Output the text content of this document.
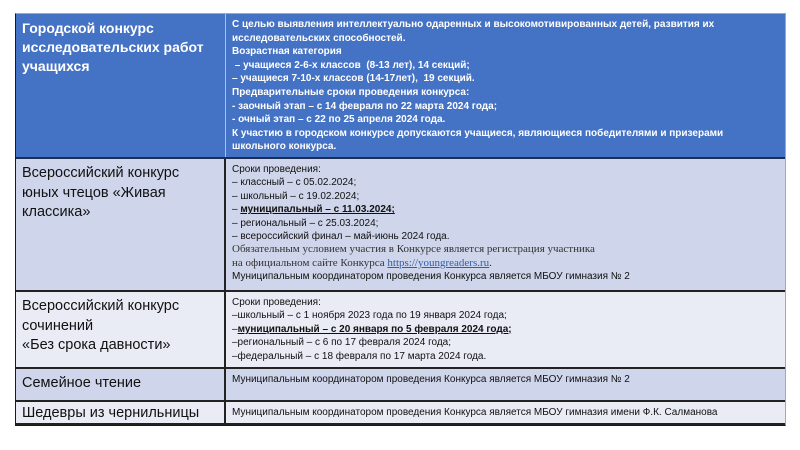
Городской конкурс исследовательских работ учащихся
С целью выявления интеллектуально одаренных и высокомотивированных детей, развития их
исследовательских способностей.
Возрастная категория
– учащиеся 2-6-х классов  (8-13 лет), 14 секций;
– учащиеся 7-10-х классов (14-17лет),  19 секций.
Предварительные сроки проведения конкурса:
- заочный этап – с 14 февраля по 22 марта 2024 года;
- очный этап – с 22 по 25 апреля 2024 года.
К участию в городском конкурсе допускаются учащиеся, являющиеся победителями и призерами
школьного конкурса.
Всероссийский конкурс юных чтецов «Живая классика»
Сроки проведения:
– классный – с 05.02.2024;
– школьный – с 19.02.2024;
– муниципальный – с 11.03.2024;
– региональный – с 25.03.2024;
– всероссийский финал – май-июнь 2024 года.
Обязательным условием участия в Конкурсе является регистрация участника
на официальном сайте Конкурса https://youngreaders.ru.
Муниципальным координатором проведения Конкурса является МБОУ гимназия № 2
Всероссийский конкурс
сочинений
«Без срока давности»
Сроки проведения:
–школьный – с 1 ноября 2023 года по 19 января 2024 года;
–муниципальный – с 20 января по 5 февраля 2024 года;
–региональный – с 6 по 17 февраля 2024 года;
–федеральный – с 18 февраля по 17 марта 2024 года.
Семейное чтение	Муниципальным координатором проведения Конкурса является МБОУ гимназия № 2
Шедевры из чернильницы	Муниципальным координатором проведения Конкурса является МБОУ гимназия имени Ф.К. Салманова
